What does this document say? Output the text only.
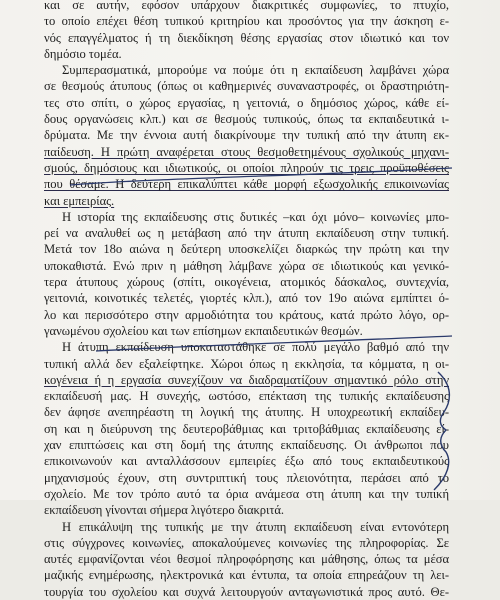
και σε αυτήν, εφόσον υπάρχουν διακριτικές συμφωνίες, το πτυχίο,
το οποίο επέχει θέση τυπικού κριτηρίου και προσόντος για την άσκηση ε-
νός επαγγέλματος ή τη διεκδίκηση θέσης εργασίας στον ιδιωτικό και τον
δημόσιο τομέα.

Συμπερασματικά, μπορούμε να πούμε ότι η εκπαίδευση λαμβάνει χώρα
σε θεσμούς άτυπους (όπως οι καθημερινές συναναστροφές, οι δραστηριότη-
τες στο σπίτι, ο χώρος εργασίας, η γειτονιά, ο δημόσιος χώρος, κάθε εί-
δους οργανώσεις κλπ.) και σε θεσμούς τυπικούς, όπως τα εκπαιδευτικά ι-
δρύματα. Με την έννοια αυτή διακρίνουμε την τυπική από την άτυπη εκ-
παίδευση. Η πρώτη αναφέρεται στους θεσμοθετημένους σχολικούς μηχανι-
σμούς, δημόσιους και ιδιωτικούς, οι οποίοι πληρούν τις τρεις προϋποθέσεις
που θέσαμε. Η δεύτερη επικαλύπτει κάθε μορφή εξωσχολικής επικοινωνίας
και εμπειρίας.

Η ιστορία της εκπαίδευσης στις δυτικές –και όχι μόνο– κοινωνίες μπο-
ρεί να αναλυθεί ως η μετάβαση από την άτυπη εκπαίδευση στην τυπική.
Μετά τον 18ο αιώνα η δεύτερη υποσκελίζει διαρκώς την πρώτη και την
υποκαθιστά. Ενώ πριν η μάθηση λάμβανε χώρα σε ιδιωτικούς και γενικό-
τερα άτυπους χώρους (σπίτι, οικογένεια, ατομικός δάσκαλος, συντεχνία,
γειτονιά, κοινοτικές τελετές, γιορτές κλπ.), από τον 19ο αιώνα εμπίπτει ό-
λο και περισσότερο στην αρμοδιότητα του κράτους, κατά πρώτο λόγο, ορ-
γανωμένου σχολείου και των επίσημων εκπαιδευτικών θεσμών.

Η άτυπη εκπαίδευση υποκαταστάθηκε σε πολύ μεγάλο βαθμό από την
τυπική αλλά δεν εξαλείφτηκε. Χώροι όπως η εκκλησία, τα κόμματα, η οι-
κογένεια ή η εργασία συνεχίζουν να διαδραματίζουν σημαντικό ρόλο στην
εκπαίδευσή μας. Η συνεχής, ωστόσο, επέκταση της τυπικής εκπαίδευσης
δεν άφησε ανεπηρέαστη τη λογική της άτυπης. Η υποχρεωτική εκπαίδευ-
ση και η διεύρυνση της δευτεροβάθμιας και τριτοβάθμιας εκπαίδευσης εί-
χαν επιπτώσεις και στη δομή της άτυπης εκπαίδευσης. Οι άνθρωποι που
επικοινωνούν και ανταλλάσσουν εμπειρίες έξω από τους εκπαιδευτικούς
μηχανισμούς έχουν, στη συντριπτική τους πλειονότητα, περάσει από το
σχολείο. Με τον τρόπο αυτό τα όρια ανάμεσα στη άτυπη και την τυπική
εκπαίδευση γίνονται σήμερα λιγότερο διακριτά.

Η επικάλυψη της τυπικής με την άτυπη εκπαίδευση είναι εντονότερη
στις σύγχρονες κοινωνίες, αποκαλούμενες κοινωνίες της πληροφορίας. Σε
αυτές εμφανίζονται νέοι θεσμοί πληροφόρησης και μάθησης, όπως τα μέσα
μαζικής ενημέρωσης, ηλεκτρονικά και έντυπα, τα οποία επηρεάζουν τη λει-
τουργία του σχολείου και συχνά λειτουργούν ανταγωνιστικά προς αυτό. Θε-
